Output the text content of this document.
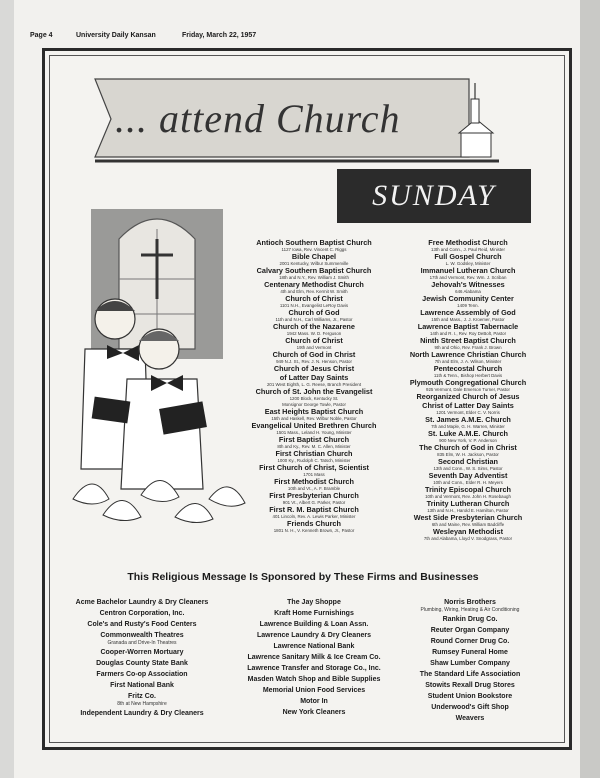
Page 4	University Daily Kansan	Friday, March 22, 1957
... attend Church
SUNDAY
Antioch Southern Baptist Church
1127 Iowa, Rev. Vincent C. Riggs
Bible Chapel
2001 Kentucky, Wilbur Summerville
Calvary Southern Baptist Church
18th and N.Y., Rev. William J. Smith
Centenary Methodist Church
4th and Elm, Rev. Kermit W. Smith
Church of Christ
1101 N.H., Evangelist LeRoy Davis
Church of God
11th and N.H., Carl Williams, Jr., Pastor
Church of the Nazarene
1942 Mass. W. D. Ferguson
Church of Christ
19th and Vermont
Church of God in Christ
949 N.J. St., Rev. J. N. Henson, Pastor
Church of Jesus Christ
of Latter Day Saints
201 West Eighth, L. G. Reese, Branch President
Church of St. John the Evangelist
1200 Block, Kentucky St.
Monsignor George Towle, Pastor
East Heights Baptist Church
15th and Haskell, Rev. Wilbur Noble, Pastor
Evangelical United Brethren Church
1501 Mass., Leland H. Young, Minister
First Baptist Church
8th and Ky., Rev. M. C. Allen, Minister
First Christian Church
1000 Ky., Rudolph C. Tatsch, Minister
First Church of Christ, Scientist
1701 Mass
First Methodist Church
10th and Vt., A. F. Bramble
First Presbyterian Church
901 Vt., Albert G. Parker, Pastor
First R. M. Baptist Church
401 Lincoln, Rev. A. Lewis Parker, Minister
Friends Church
1801 N. H., V. Kenneth Brown, Jr., Pastor
Free Methodist Church
13th and Conn., J. Paul Reid, Minister
Full Gospel Church
L. W. Godsley, Minister
Immanuel Lutheran Church
17th and Vermont, Rev. Wm. J. Scriban
Jehovah's Witnesses
646 Alabama
Jewish Community Center
1409 Tenn.
Lawrence Assembly of God
15th and Mass., J. J. Kroemer, Pastor
Lawrence Baptist Tabernacle
14th and R. I., Rev. Roy DeBolt, Pastor
Ninth Street Baptist Church
9th and Ohio, Rev. Frank J. Brown
North Lawrence Christian Church
7th and Elm, J. A. Wilson, Minister
Pentecostal Church
11th & Tenn., Bishop Herbert Davis
Plymouth Congregational Church
925 Vermont, Dale Emerson Turner, Pastor
Reorganized Church of Jesus
Christ of Latter Day Saints
1201 Vermont, Elder C. V. Norris
St. James A.M.E. Church
7th and Maple, G. H. Warren, Minister
St. Luke A.M.E. Church
900 New York, V. P. Anderson
The Church of God in Christ
835 Elm, W. H. Jackson, Pastor
Second Christian
13th and Conn., W. S. Sims, Pastor
Seventh Day Adventist
10th and Conn., Elder R. H. Meyers
Trinity Episcopal Church
10th and Vermont, Rev. John H. Rosebaugh
Trinity Lutheran Church
13th and N.H., Harold E. Hamilton, Pastor
West Side Presbyterian Church
6th and Maine, Rev. William Badcliffe
Wesleyan Methodist
7th and Alabama, Lloyd V. Snodgrass, Pastor
This Religious Message Is Sponsored by These Firms and Businesses
Acme Bachelor Laundry & Dry Cleaners
Centron Corporation, Inc.
Cole's and Rusty's Food Centers
Commonwealth Theatres
Granada and Drive-In Theatres
Cooper-Worren Mortuary
Douglas County State Bank
Farmers Co-op Association
First National Bank
Fritz Co.
8th at New Hampshire
Independent Laundry & Dry Cleaners
The Jay Shoppe
Kraft Home Furnishings
Lawrence Building & Loan Assn.
Lawrence Laundry & Dry Cleaners
Lawrence National Bank
Lawrence Sanitary Milk & Ice Cream Co.
Lawrence Transfer and Storage Co., Inc.
Masden Watch Shop and Bible Supplies
Memorial Union Food Services
Motor In
New York Cleaners
Norris Brothers
Plumbing, Wiring, Heating & Air Conditioning
Rankin Drug Co.
Reuter Organ Company
Round Corner Drug Co.
Rumsey Funeral Home
Shaw Lumber Company
The Standard Life Association
Stowits Rexall Drug Stores
Student Union Bookstore
Underwood's Gift Shop
Weavers
